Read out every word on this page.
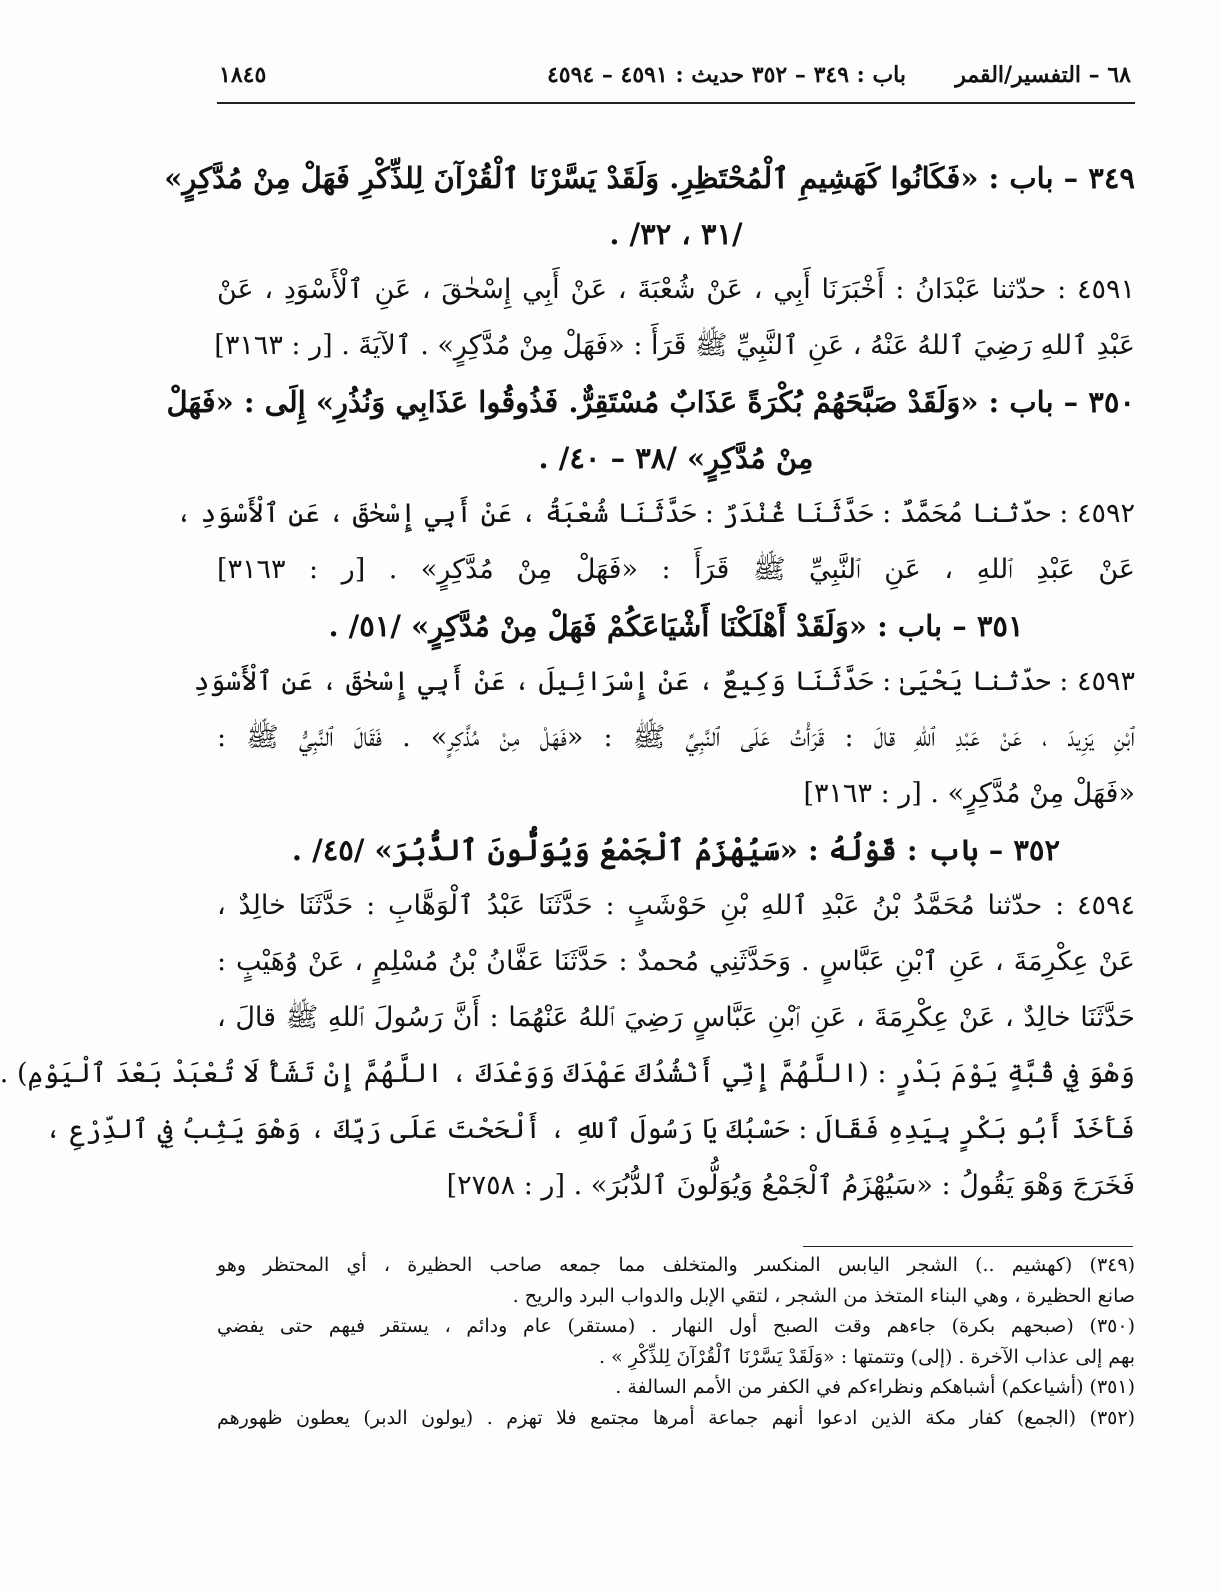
٦٨ – التفسير/القمر
باب : ٣٤٩ – ٣٥٢ حديث : ٤٥٩١ – ٤٥٩٤
١٨٤٥
٣٤٩ – باب : «فَكَانُوا كَهَشِيمِ ٱلْمُحْتَظِرِ. وَلَقَدْ يَسَّرْنَا ٱلْقُرْآنَ لِلذِّكْرِ فَهَلْ مِنْ مُدَّكِرٍ»
/٣١ ، ٣٢/ .
٤٥٩١ : حدّثنا عَبْدَانُ : أَخْبَرَنَا أَبِي ، عَنْ شُعْبَةَ ، عَنْ أَبِي إِسْحٰقَ ، عَنِ ٱلْأَسْوَدِ ، عَنْ
عَبْدِ ٱللهِ رَضِيَ ٱللهُ عَنْهُ ، عَنِ ٱلنَّبِيِّ ﷺ قَرَأَ : «فَهَلْ مِنْ مُدَّكِرٍ» . ٱلآيَةَ . [ر : ٣١٦٣]
٣٥٠ – باب : «وَلَقَدْ صَبَّحَهُمْ بُكْرَةً عَذَابٌ مُسْتَقِرٌّ. فَذُوقُوا عَذَابِي وَنُذُرِ» إِلَى : «فَهَلْ
مِنْ مُدَّكِرٍ» /٣٨ – ٤٠/ .
٤٥٩٢ : حدّثنا مُحَمَّدٌ : حَدَّثَنَا غُنْدَرٌ : حَدَّثَنَا شُعْبَةُ ، عَنْ أَبِي إِسْحٰقَ ، عَنِ ٱلْأَسْوَدِ ،
عَنْ عَبْدِ ٱللهِ ، عَنِ ٱلنَّبِيِّ ﷺ قَرَأَ : «فَهَلْ مِنْ مُدَّكِرٍ» . [ر : ٣١٦٣]
٣٥١ – باب : «وَلَقَدْ أَهْلَكْنَا أَشْيَاعَكُمْ فَهَلْ مِنْ مُدَّكِرٍ» /٥١/ .
٤٥٩٣ : حدّثنا يَحْيَىٰ : حَدَّثَنَا وَكِيعٌ ، عَنْ إِسْرَائِيلَ ، عَنْ أَبِي إِسْحٰقَ ، عَنِ ٱلْأَسْوَدِ
ٱبْنِ يَزِيدَ ، عَنْ عَبْدِ ٱللهِ قالَ : قَرَأْتُ عَلَى ٱلنَّبِيِّ ﷺ : «فَهَلْ مِنْ مُذَّكِرٍ» . فَقَالَ ٱلنَّبِيُّ ﷺ :
«فَهَلْ مِنْ مُدَّكِرٍ» . [ر : ٣١٦٣]
٣٥٢ – باب : قَوْلُهُ : «سَيُهْزَمُ ٱلْجَمْعُ وَيُوَلُّونَ ٱلدُّبُرَ» /٤٥/ .
٤٥٩٤ : حدّثنا مُحَمَّدُ بْنُ عَبْدِ ٱللهِ بْنِ حَوْشَبٍ : حَدَّثَنَا عَبْدُ ٱلْوَهَّابِ : حَدَّثَنَا خالِدٌ ،
عَنْ عِكْرِمَةَ ، عَنِ ٱبْنِ عَبَّاسٍ . وَحَدَّثَنِي مُحمدٌ : حَدَّثَنَا عَفَّانُ بْنُ مُسْلِمٍ ، عَنْ وُهَيْبٍ :
حَدَّثَنَا خالِدٌ ، عَنْ عِكْرِمَةَ ، عَنِ ٱبْنِ عَبَّاسٍ رَضِيَ ٱللهُ عَنْهُمَا : أَنَّ رَسُولَ ٱللهِ ﷺ قالَ ،
وَهْوَ فِي قُبَّةٍ يَوْمَ بَدْرٍ : (اللَّهُمَّ إِنِّي أَنْشُدُكَ عَهْدَكَ وَوَعْدَكَ ، اللَّهُمَّ إِنْ تَشَأْ لَا تُعْبَدْ بَعْدَ ٱلْيَوْمِ) .
فَأَخَذَ أَبُو بَكْرٍ بِيَدِهِ فَقَالَ : حَسْبُكَ يَا رَسُولَ ٱللهِ ، أَلْحَحْتَ عَلَى رَبِّكَ ، وَهْوَ يَثِبُ فِي ٱلدِّرْعِ ،
فَخَرَجَ وَهْوَ يَقُولُ : «سَيُهْزَمُ ٱلْجَمْعُ وَيُوَلُّونَ ٱلدُّبُرَ» . [ر : ٢٧٥٨]
(٣٤٩) (كهشيم ..) الشجر اليابس المنكسر والمتخلف مما جمعه صاحب الحظيرة ، أي المحتظر وهو
صانع الحظيرة ، وهي البناء المتخذ من الشجر ، لتقي الإبل والدواب البرد والريح .
(٣٥٠) (صبحهم بكرة) جاءهم وقت الصبح أول النهار . (مستقر) عام ودائم ، يستقر فيهم حتى يفضي
بهم إلى عذاب الآخرة . (إلى) وتتمتها : «وَلَقَدْ يَسَّرْنَا ٱلْقُرْآنَ لِلذِّكْرِ » .
(٣٥١) (أشياعكم) أشباهكم ونظراءكم في الكفر من الأمم السالفة .
(٣٥٢) (الجمع) كفار مكة الذين ادعوا أنهم جماعة أمرها مجتمع فلا تهزم . (يولون الدبر) يعطون ظهورهم
